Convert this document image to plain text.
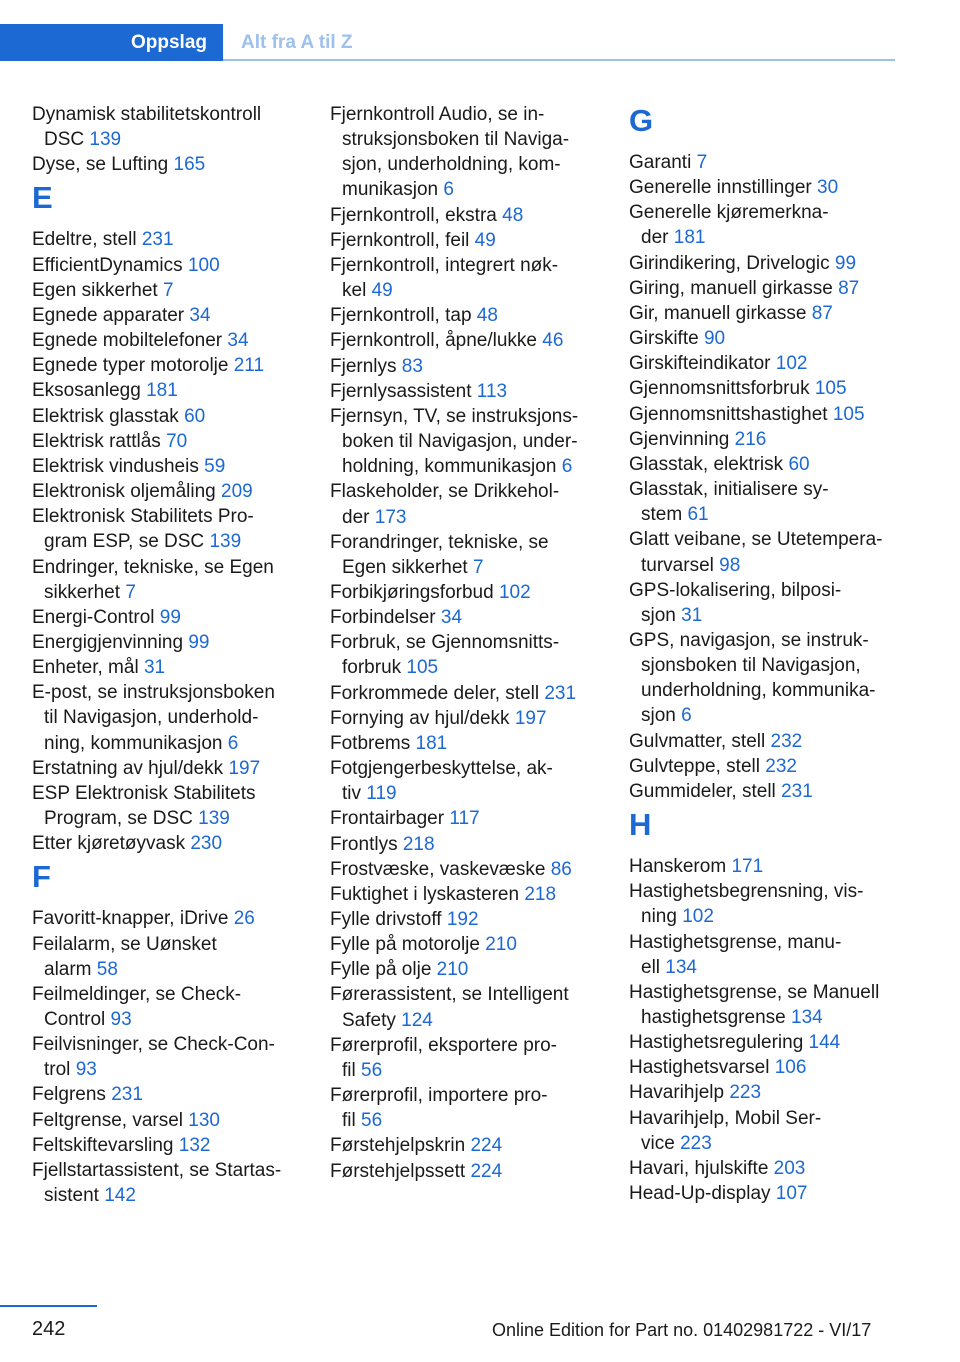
Oppslag	Alt fra A til Z
Dynamisk stabilitetskontroll
DSC 139
Dyse, se Lufting 165
E
Edeltre, stell 231
EfficientDynamics 100
Egen sikkerhet 7
Egnede apparater 34
Egnede mobiltelefoner 34
Egnede typer motorolje 211
Eksosanlegg 181
Elektrisk glasstak 60
Elektrisk rattlås 70
Elektrisk vindusheis 59
Elektronisk oljemåling 209
Elektronisk Stabilitets Pro-
gram ESP, se DSC 139
Endringer, tekniske, se Egen
sikkerhet 7
Energi-Control 99
Energigjenvinning 99
Enheter, mål 31
E-post, se instruksjonsboken
til Navigasjon, underhold-
ning, kommunikasjon 6
Erstatning av hjul/dekk 197
ESP Elektronisk Stabilitets
Program, se DSC 139
Etter kjøretøyvask 230
F
Favoritt-knapper, iDrive 26
Feilalarm, se Uønsket
alarm 58
Feilmeldinger, se Check-
Control 93
Feilvisninger, se Check-Con-
trol 93
Felgrens 231
Feltgrense, varsel 130
Feltskiftevarsling 132
Fjellstartassistent, se Startas-
sistent 142
Fjernkontroll Audio, se in-
struksjonsboken til Naviga-
sjon, underholdning, kom-
munikasjon 6
Fjernkontroll, ekstra 48
Fjernkontroll, feil 49
Fjernkontroll, integrert nøk-
kel 49
Fjernkontroll, tap 48
Fjernkontroll, åpne/lukke 46
Fjernlys 83
Fjernlysassistent 113
Fjernsyn, TV, se instruksjons-
boken til Navigasjon, under-
holdning, kommunikasjon 6
Flaskeholder, se Drikkehol-
der 173
Forandringer, tekniske, se
Egen sikkerhet 7
Forbikjøringsforbud 102
Forbindelser 34
Forbruk, se Gjennomsnitts-
forbruk 105
Forkrommede deler, stell 231
Fornying av hjul/dekk 197
Fotbrems 181
Fotgjengerbeskyttelse, ak-
tiv 119
Frontairbager 117
Frontlys 218
Frostvæske, vaskevæske 86
Fuktighet i lyskasteren 218
Fylle drivstoff 192
Fylle på motorolje 210
Fylle på olje 210
Førerassistent, se Intelligent
Safety 124
Førerprofil, eksportere pro-
fil 56
Førerprofil, importere pro-
fil 56
Førstehjelpskrin 224
Førstehjelpssett 224
G
Garanti 7
Generelle innstillinger 30
Generelle kjøremerkna-
der 181
Girindikering, Drivelogic 99
Giring, manuell girkasse 87
Gir, manuell girkasse 87
Girskifte 90
Girskifteindikator 102
Gjennomsnittsforbruk 105
Gjennomsnittshastighet 105
Gjenvinning 216
Glasstak, elektrisk 60
Glasstak, initialisere sy-
stem 61
Glatt veibane, se Utetempera-
turvarsel 98
GPS-lokalisering, bilposi-
sjon 31
GPS, navigasjon, se instruk-
sjonsboken til Navigasjon,
underholdning, kommunika-
sjon 6
Gulvmatter, stell 232
Gulvteppe, stell 232
Gummideler, stell 231
H
Hanskerom 171
Hastighetsbegrensning, vis-
ning 102
Hastighetsgrense, manu-
ell 134
Hastighetsgrense, se Manuell
hastighetsgrense 134
Hastighetsregulering 144
Hastighetsvarsel 106
Havarihjelp 223
Havarihjelp, Mobil Ser-
vice 223
Havari, hjulskifte 203
Head-Up-display 107
242	Online Edition for Part no. 01402981722 - VI/17
